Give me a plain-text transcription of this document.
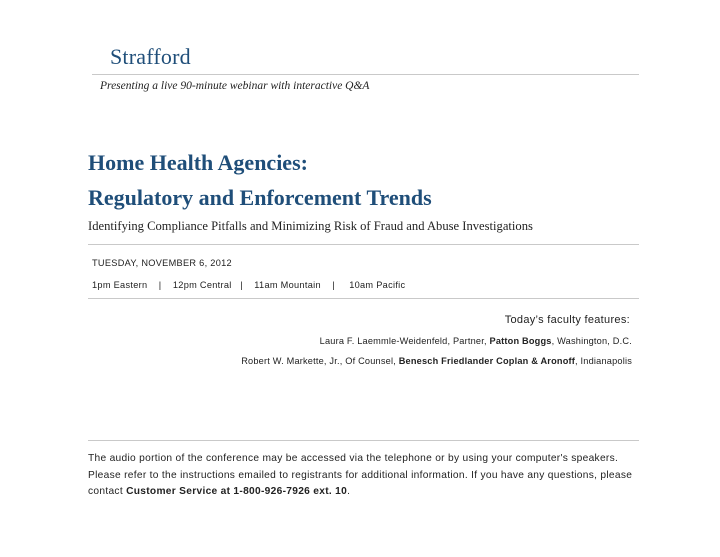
Strafford
Presenting a live 90-minute webinar with interactive Q&A
Home Health Agencies:
Regulatory and Enforcement Trends
Identifying Compliance Pitfalls and Minimizing Risk of Fraud and Abuse Investigations
TUESDAY, NOVEMBER 6, 2012
1pm Eastern    |    12pm Central   |    11am Mountain    |     10am Pacific
Today’s faculty features:
Laura F. Laemmle-Weidenfeld, Partner, Patton Boggs, Washington, D.C.
Robert W. Markette, Jr., Of Counsel, Benesch Friedlander Coplan & Aronoff, Indianapolis
The audio portion of the conference may be accessed via the telephone or by using your computer's speakers. Please refer to the instructions emailed to registrants for additional information. If you have any questions, please contact Customer Service at 1-800-926-7926 ext. 10.
